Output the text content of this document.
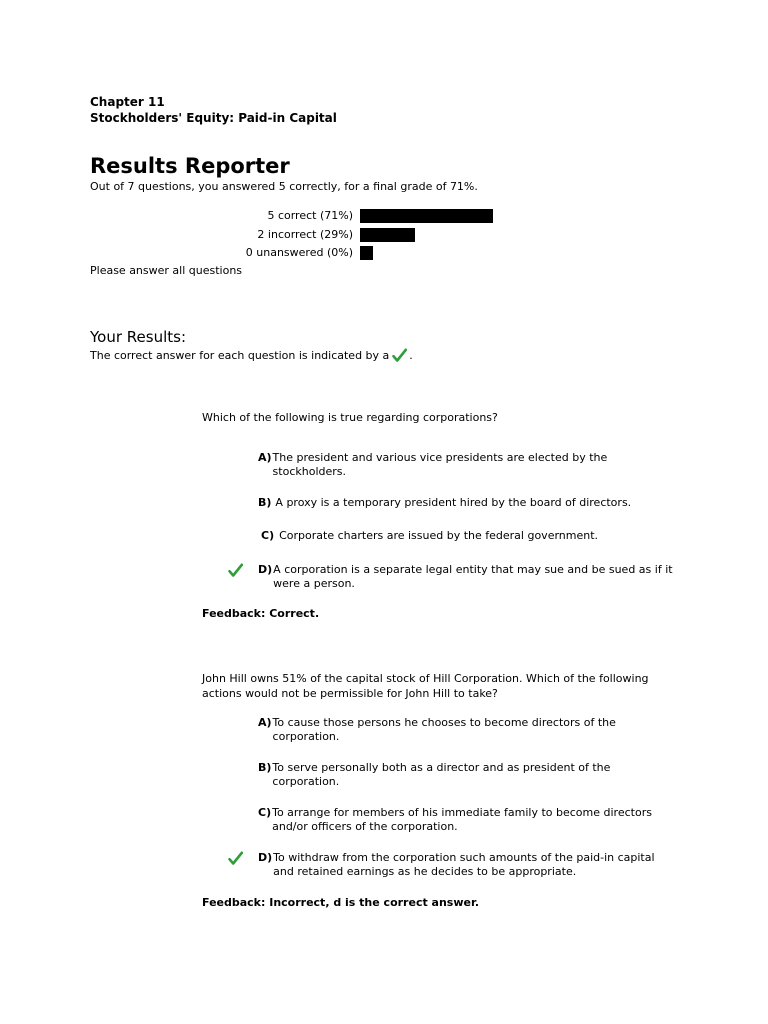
Chapter 11
Stockholders' Equity: Paid-in Capital
Results Reporter
Out of 7 questions, you answered 5 correctly, for a final grade of 71%.
5 correct (71%)
2 incorrect (29%)
0 unanswered (0%)
Please answer all questions
Your Results:
The correct answer for each question is indicated by a .
Which of the following is true regarding corporations?
A) The president and various vice presidents are elected by the stockholders.
B) A proxy is a temporary president hired by the board of directors.
C) Corporate charters are issued by the federal government.
D) A corporation is a separate legal entity that may sue and be sued as if it were a person.
Feedback: Correct.
John Hill owns 51% of the capital stock of Hill Corporation. Which of the following actions would not be permissible for John Hill to take?
A) To cause those persons he chooses to become directors of the corporation.
B) To serve personally both as a director and as president of the corporation.
C) To arrange for members of his immediate family to become directors and/or officers of the corporation.
D) To withdraw from the corporation such amounts of the paid-in capital and retained earnings as he decides to be appropriate.
Feedback: Incorrect, d is the correct answer.
